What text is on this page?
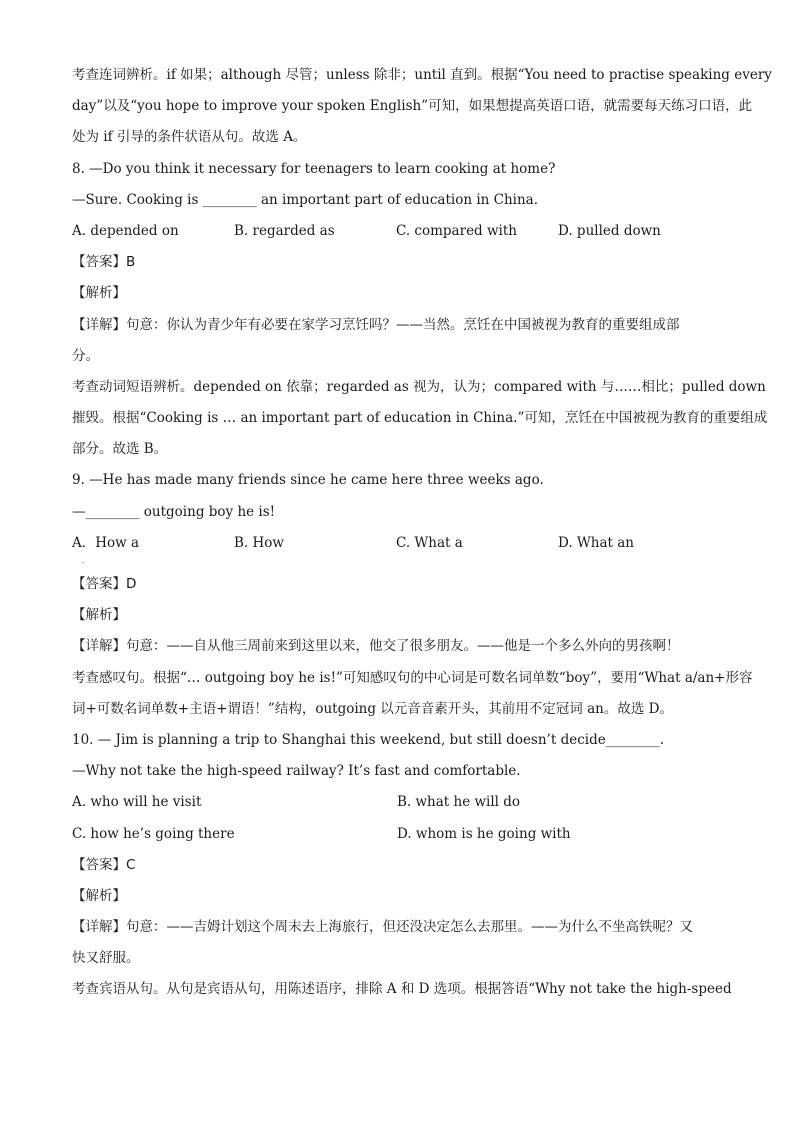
考查连词辨析。if 如果；although 尽管；unless 除非；until 直到。根据“You need to practise speaking every
day”以及“you hope to improve your spoken English”可知，如果想提高英语口语，就需要每天练习口语，此
处为 if 引导的条件状语从句。故选 A。
8. —Do you think it necessary for teenagers to learn cooking at home?
—Sure. Cooking is ________ an important part of education in China.
A. depended on	B. regarded as	C. compared with	D. pulled down
【答案】B
【解析】
【详解】句意：你认为青少年有必要在家学习烹饪吗？——当然。烹饪在中国被视为教育的重要组成部
分。
考查动词短语辨析。depended on 依靠；regarded as 视为，认为；compared with 与……相比；pulled down
摧毁。根据“Cooking is … an important part of education in China.”可知，烹饪在中国被视为教育的重要组成
部分。故选 B。
9. —He has made many friends since he came here three weeks ago.
—________ outgoing boy he is!
A．How a	B. How	C. What a	D. What an
·
【答案】D
【解析】
【详解】句意：——自从他三周前来到这里以来，他交了很多朋友。——他是一个多么外向的男孩啊！
考查感叹句。根据“… outgoing boy he is!”可知感叹句的中心词是可数名词单数“boy”，要用“What a/an+形容
词+可数名词单数+主语+谓语！”结构，outgoing 以元音音素开头，其前用不定冠词 an。故选 D。
10. — Jim is planning a trip to Shanghai this weekend, but still doesn’t decide________.
—Why not take the high-speed railway? It’s fast and comfortable.
A. who will he visit	B. what he will do
C. how he’s going there	D. whom is he going with
【答案】C
【解析】
【详解】句意：——吉姆计划这个周末去上海旅行，但还没决定怎么去那里。——为什么不坐高铁呢？又
快又舒服。
考查宾语从句。从句是宾语从句，用陈述语序，排除 A 和 D 选项。根据答语“Why not take the high-speed
